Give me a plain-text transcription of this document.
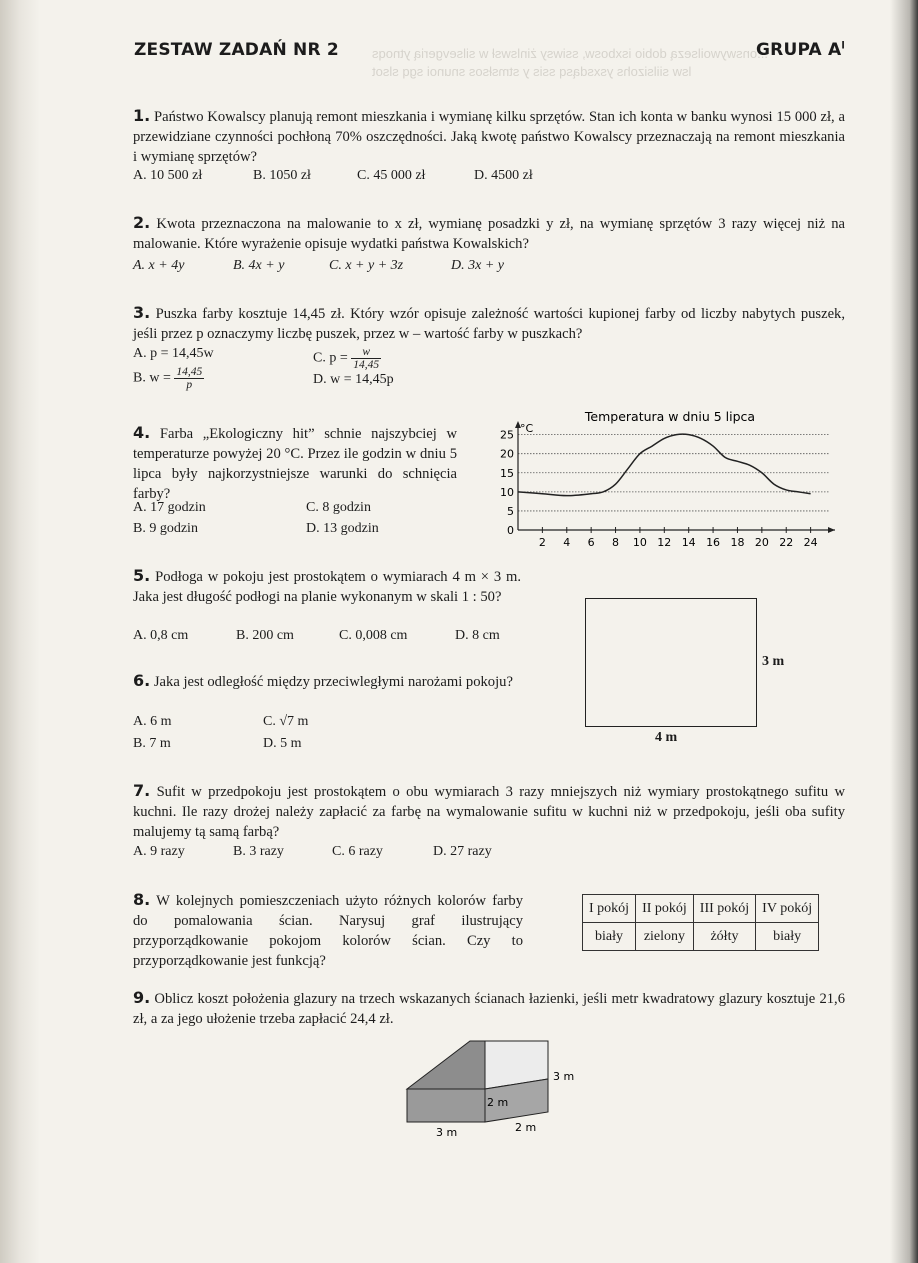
...onswywoilsezą dobio isxbosw, ssiwsy żinlswsł w silsevgerią ytnoqs
lsw siilsizohs ysxsdąsq ssis y stmsłsos snunoi sgq slsot
ZESTAW ZADAŃ NR 2	GRUPA $A^l$
1. Państwo Kowalscy planują remont mieszkania i wymianę kilku sprzętów. Stan ich konta w banku wynosi 15 000 zł, a przewidziane czynności pochłoną 70% oszczędności. Jaką kwotę państwo Kowalscy przeznaczają na remont mieszkania i wymianę sprzętów?
A. 10 500 zł	B. 1050 zł	C. 45 000 zł	D. 4500 zł
2. Kwota przeznaczona na malowanie to x zł, wymianę posadzki y zł, na wymianę sprzętów 3 razy więcej niż na malowanie. Które wyrażenie opisuje wydatki państwa Kowalskich?
A. x + 4y	B. 4x + y	C. x + y + 3z	D. 3x + y
3. Puszka farby kosztuje 14,45 zł. Który wzór opisuje zależność wartości kupionej farby od liczby nabytych puszek, jeśli przez p oznaczymy liczbę puszek, przez w – wartość farby w puszkach?
A. p = 14,45w
B. $w = \frac{14,45}{p}$
C. $p = \frac{w}{14,45}$
D. w = 14,45p
4. Farba „Ekologiczny hit” schnie najszybciej w temperaturze powyżej 20 °C. Przez ile godzin w dniu 5 lipca były najkorzystniejsze warunki do schnięcia farby?
A. 17 godzin	C. 8 godzin
B. 9 godzin	D. 13 godzin
Temperatura w dniu 5 lipca
°C
0
5
10
15
20
25
2 4 6 8 10 12 14 16 18 20 22 24
5. Podłoga w pokoju jest prostokątem o wymiarach 4 m × 3 m. Jaka jest długość podłogi na planie wykonanym w skali 1 : 50?
A. 0,8 cm	B. 200 cm	C. 0,008 cm	D. 8 cm
3 m
4 m
6. Jaka jest odległość między przeciwległymi narożami pokoju?
A. 6 m	C. √7 m
B. 7 m	D. 5 m
7. Sufit w przedpokoju jest prostokątem o obu wymiarach 3 razy mniejszych niż wymiary prostokątnego sufitu w kuchni. Ile razy drożej należy zapłacić za farbę na wymalowanie sufitu w kuchni niż w przedpokoju, jeśli oba sufity malujemy tą samą farbą?
A. 9 razy	B. 3 razy	C. 6 razy	D. 27 razy
8. W kolejnych pomieszczeniach użyto różnych kolorów farby do pomalowania ścian. Narysuj graf ilustrujący przyporządkowanie pokojom kolorów ścian. Czy to przyporządkowanie jest funkcją?
I pokój	II pokój	III pokój	IV pokój
biały	zielony	żółty	biały
9. Oblicz koszt położenia glazury na trzech wskazanych ścianach łazienki, jeśli metr kwadratowy glazury kosztuje 21,6 zł, a za jego ułożenie trzeba zapłacić 24,4 zł.
3 m
2 m
3 m	2 m
